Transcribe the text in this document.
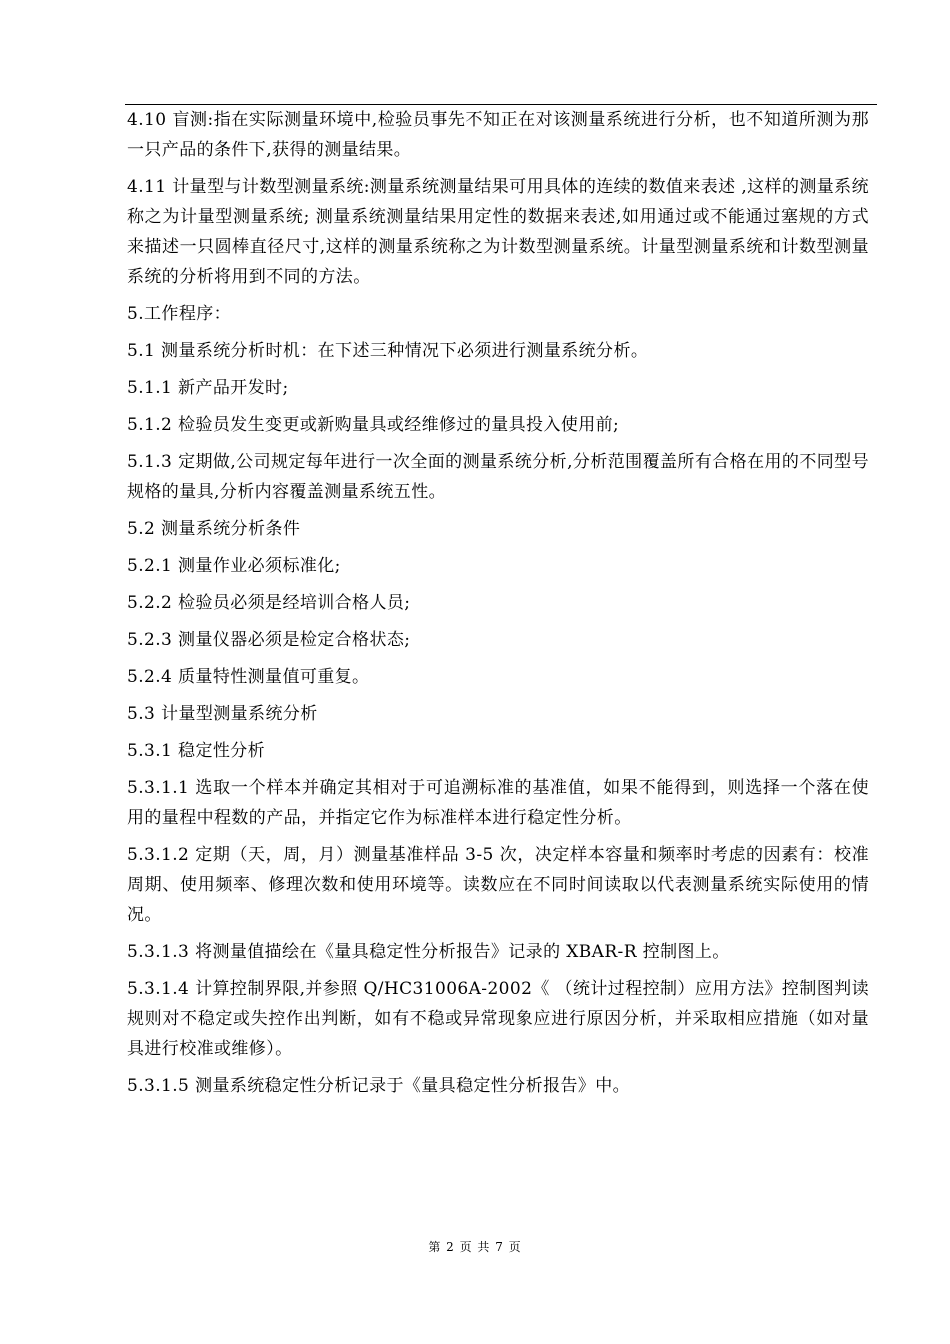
4.10 盲测:指在实际测量环境中,检验员事先不知正在对该测量系统进行分析，也不知道所测为那一只产品的条件下,获得的测量结果。

4.11 计量型与计数型测量系统:测量系统测量结果可用具体的连续的数值来表述 ,这样的测量系统称之为计量型测量系统; 测量系统测量结果用定性的数据来表述,如用通过或不能通过塞规的方式来描述一只圆棒直径尺寸,这样的测量系统称之为计数型测量系统。计量型测量系统和计数型测量系统的分析将用到不同的方法。

5.工作程序：

5.1 测量系统分析时机：在下述三种情况下必须进行测量系统分析。

5.1.1 新产品开发时;

5.1.2 检验员发生变更或新购量具或经维修过的量具投入使用前;

5.1.3 定期做,公司规定每年进行一次全面的测量系统分析,分析范围覆盖所有合格在用的不同型号规格的量具,分析内容覆盖测量系统五性。

5.2 测量系统分析条件

5.2.1 测量作业必须标准化;

5.2.2 检验员必须是经培训合格人员;

5.2.3 测量仪器必须是检定合格状态;

5.2.4 质量特性测量值可重复。

5.3 计量型测量系统分析

5.3.1 稳定性分析

5.3.1.1 选取一个样本并确定其相对于可追溯标准的基准值，如果不能得到，则选择一个落在使用的量程中程数的产品，并指定它作为标准样本进行稳定性分析。

5.3.1.2 定期（天，周，月）测量基准样品 3-5 次，决定样本容量和频率时考虑的因素有：校准周期、使用频率、修理次数和使用环境等。读数应在不同时间读取以代表测量系统实际使用的情况。

5.3.1.3 将测量值描绘在《量具稳定性分析报告》记录的 XBAR-R 控制图上。

5.3.1.4 计算控制界限,并参照 Q/HC31006A-2002《 （统计过程控制）应用方法》控制图判读规则对不稳定或失控作出判断，如有不稳或异常现象应进行原因分析，并采取相应措施（如对量具进行校准或维修）。

5.3.1.5 测量系统稳定性分析记录于《量具稳定性分析报告》中。

第 2 页 共 7 页
